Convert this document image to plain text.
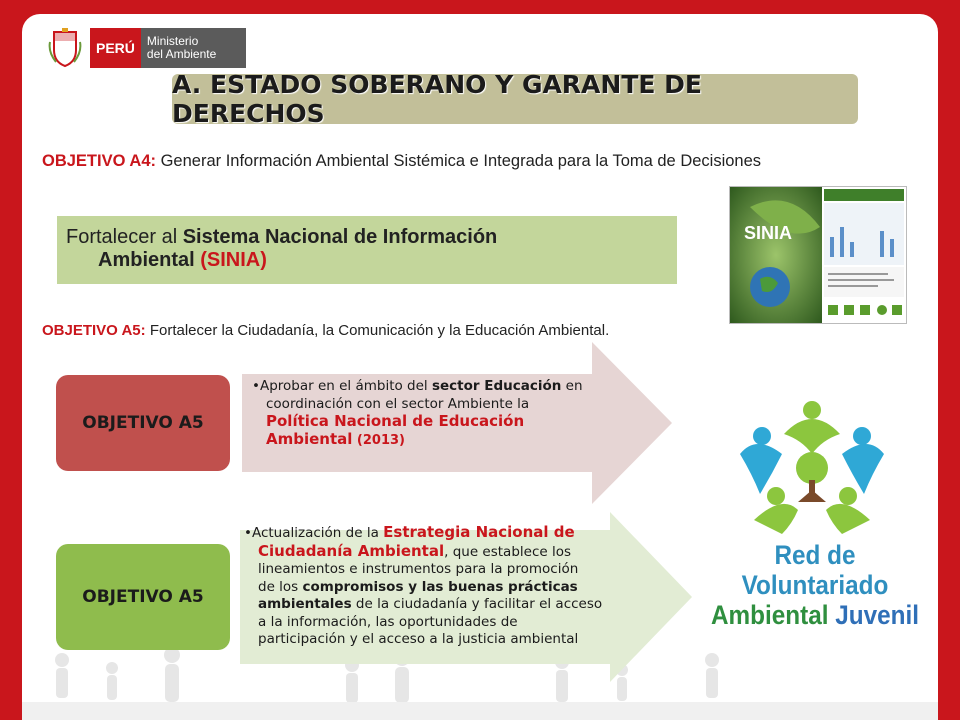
PERÚ	Ministerio
del Ambiente
A. ESTADO SOBERANO Y GARANTE DE DERECHOS
OBJETIVO A4: Generar Información Ambiental Sistémica e Integrada para la Toma de Decisiones
Fortalecer al Sistema Nacional de Información
Ambiental (SINIA)
SINIA
OBJETIVO A5: Fortalecer la Ciudadanía, la Comunicación y la Educación Ambiental.
OBJETIVO A5
OBJETIVO A5
•Aprobar en el ámbito del sector Educación en
coordinación con el sector Ambiente la
Política Nacional de Educación
Ambiental (2013)
•Actualización de la Estrategia Nacional de
Ciudadanía Ambiental, que establece los
lineamientos e instrumentos para la promoción
de los compromisos y las buenas prácticas
ambientales de la ciudadanía y facilitar el acceso
a la información, las oportunidades de
participación y el acceso a la justicia ambiental
Red de Voluntariado
Ambiental Juvenil
www.minam.gob.pe
